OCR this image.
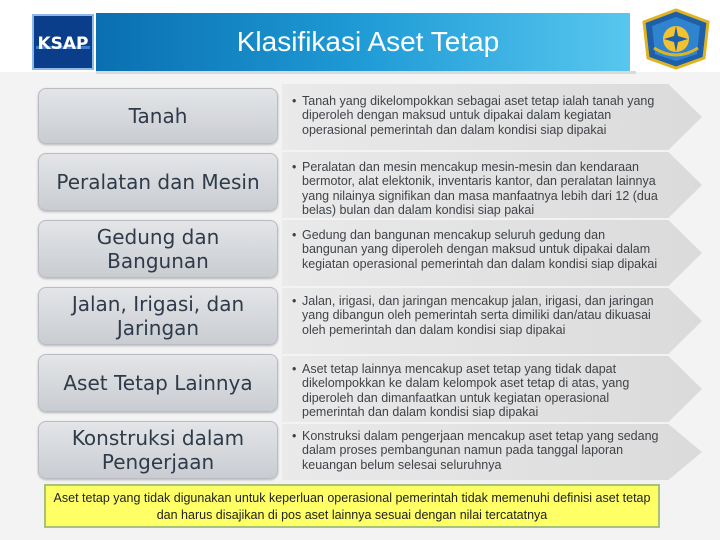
KSAP	Klasifikasi Aset Tetap
Tanah
Peralatan dan Mesin
Gedung dan
Bangunan
Jalan, Irigasi, dan
Jaringan
Aset Tetap Lainnya
Konstruksi dalam
Pengerjaan
• Tanah yang dikelompokkan sebagai aset tetap ialah tanah yang diperoleh dengan maksud untuk dipakai dalam kegiatan operasional pemerintah dan dalam kondisi siap dipakai
• Peralatan dan mesin mencakup mesin-mesin dan kendaraan bermotor, alat elektonik, inventaris kantor, dan peralatan lainnya yang nilainya signifikan dan masa manfaatnya lebih dari 12 (dua belas) bulan dan dalam kondisi siap pakai
• Gedung dan bangunan mencakup seluruh gedung dan bangunan yang diperoleh dengan maksud untuk dipakai dalam kegiatan operasional pemerintah dan dalam kondisi siap dipakai
• Jalan, irigasi, dan jaringan mencakup jalan, irigasi, dan jaringan yang dibangun oleh pemerintah serta dimiliki dan/atau dikuasai oleh pemerintah dan dalam kondisi siap dipakai
• Aset tetap lainnya mencakup aset tetap yang tidak dapat dikelompokkan ke dalam kelompok aset tetap di atas, yang diperoleh dan dimanfaatkan untuk kegiatan operasional pemerintah dan dalam kondisi siap dipakai
• Konstruksi dalam pengerjaan mencakup aset tetap yang sedang dalam proses pembangunan namun pada tanggal laporan keuangan belum selesai seluruhnya
Aset tetap yang tidak digunakan untuk keperluan operasional pemerintah tidak memenuhi definisi aset tetap dan harus disajikan di pos aset lainnya sesuai dengan nilai tercatatnya
